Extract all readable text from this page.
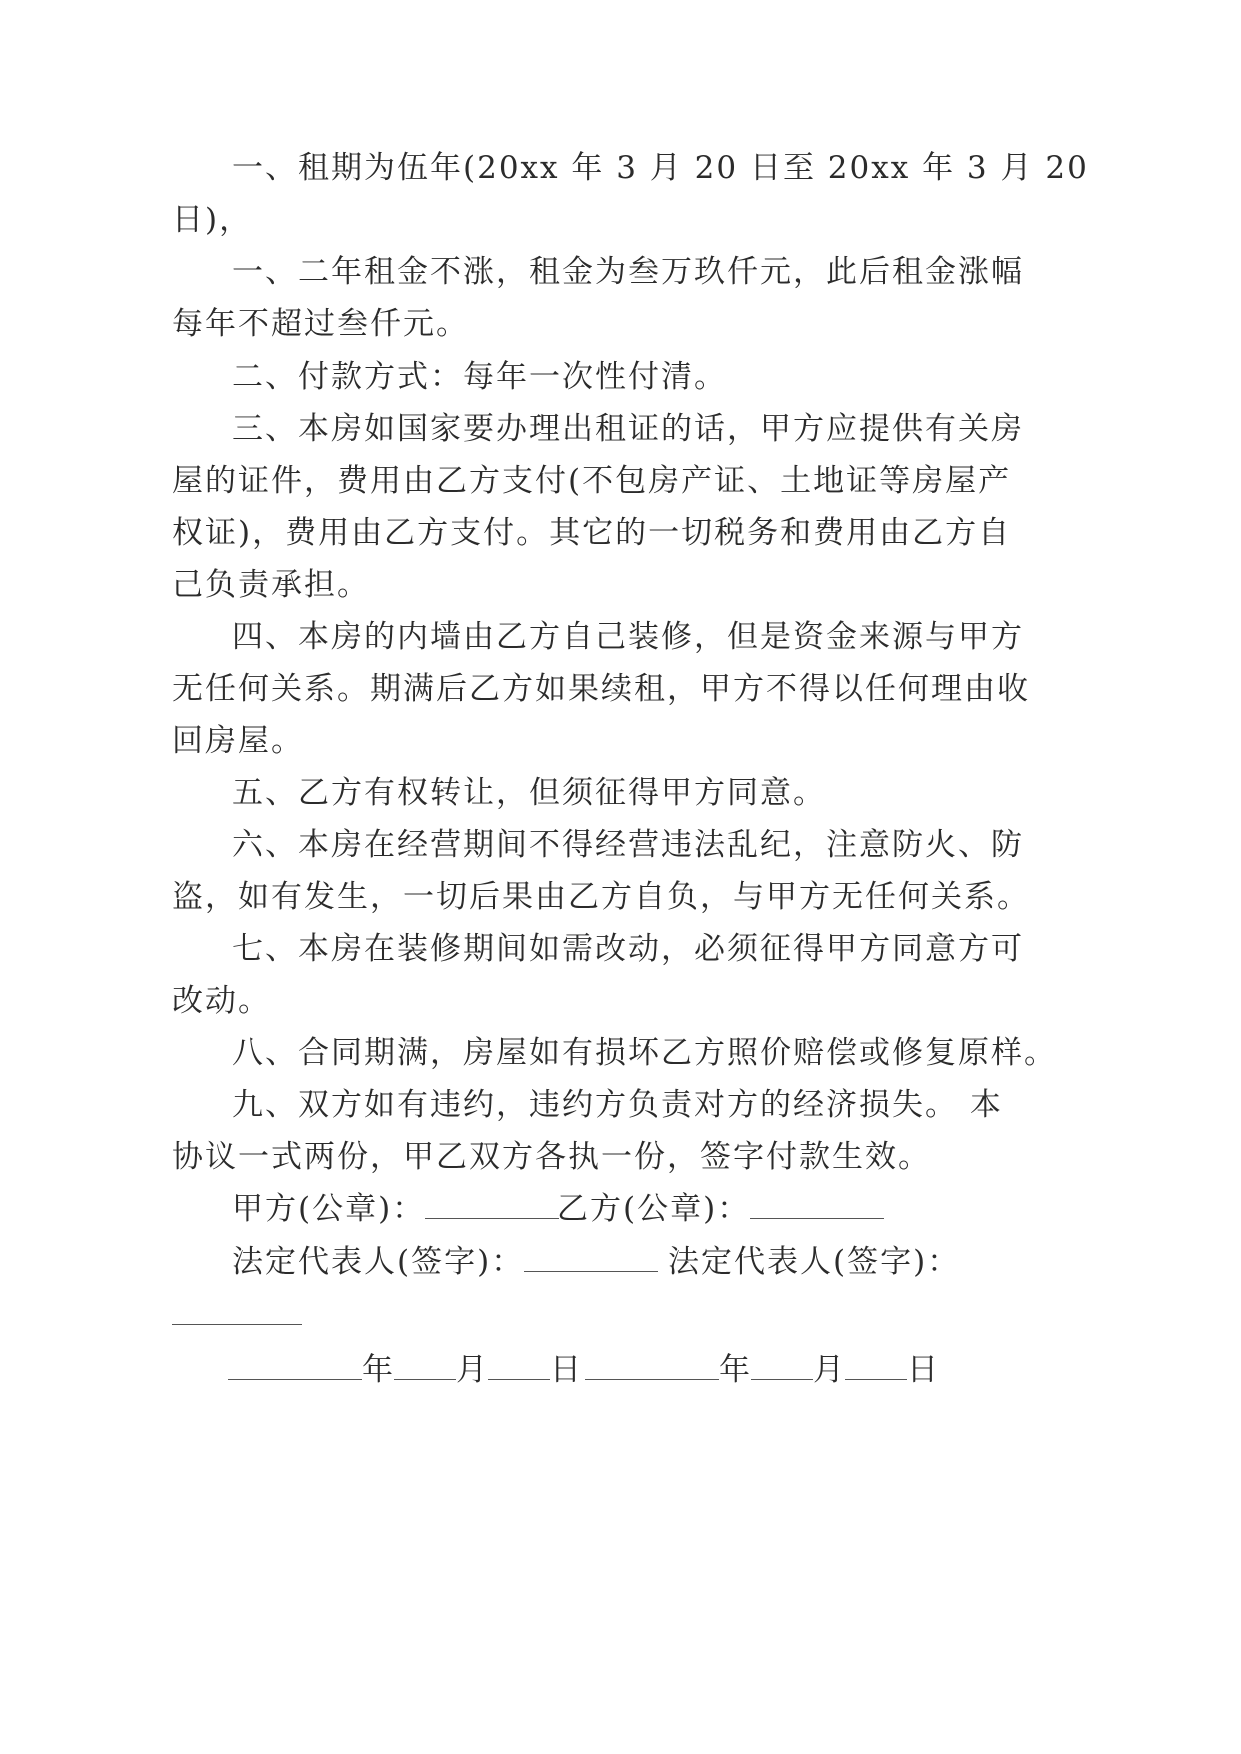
一、租期为伍年(20xx 年 3 月 20 日至 20xx 年 3 月 20
日)，
一、二年租金不涨，租金为叁万玖仟元，此后租金涨幅
每年不超过叁仟元。
二、付款方式：每年一次性付清。
三、本房如国家要办理出租证的话，甲方应提供有关房
屋的证件，费用由乙方支付(不包房产证、土地证等房屋产
权证)，费用由乙方支付。其它的一切税务和费用由乙方自
己负责承担。
四、本房的内墙由乙方自己装修，但是资金来源与甲方
无任何关系。期满后乙方如果续租，甲方不得以任何理由收
回房屋。
五、乙方有权转让，但须征得甲方同意。
六、本房在经营期间不得经营违法乱纪，注意防火、防
盗，如有发生，一切后果由乙方自负，与甲方无任何关系。
七、本房在装修期间如需改动，必须征得甲方同意方可
改动。
八、合同期满，房屋如有损坏乙方照价赔偿或修复原样。
九、双方如有违约，违约方负责对方的经济损失。 本
协议一式两份，甲乙双方各执一份，签字付款生效。
甲方(公章)：	乙方(公章)：
法定代表人(签字)：	法定代表人(签字)：
年 月 日	年 月 日
